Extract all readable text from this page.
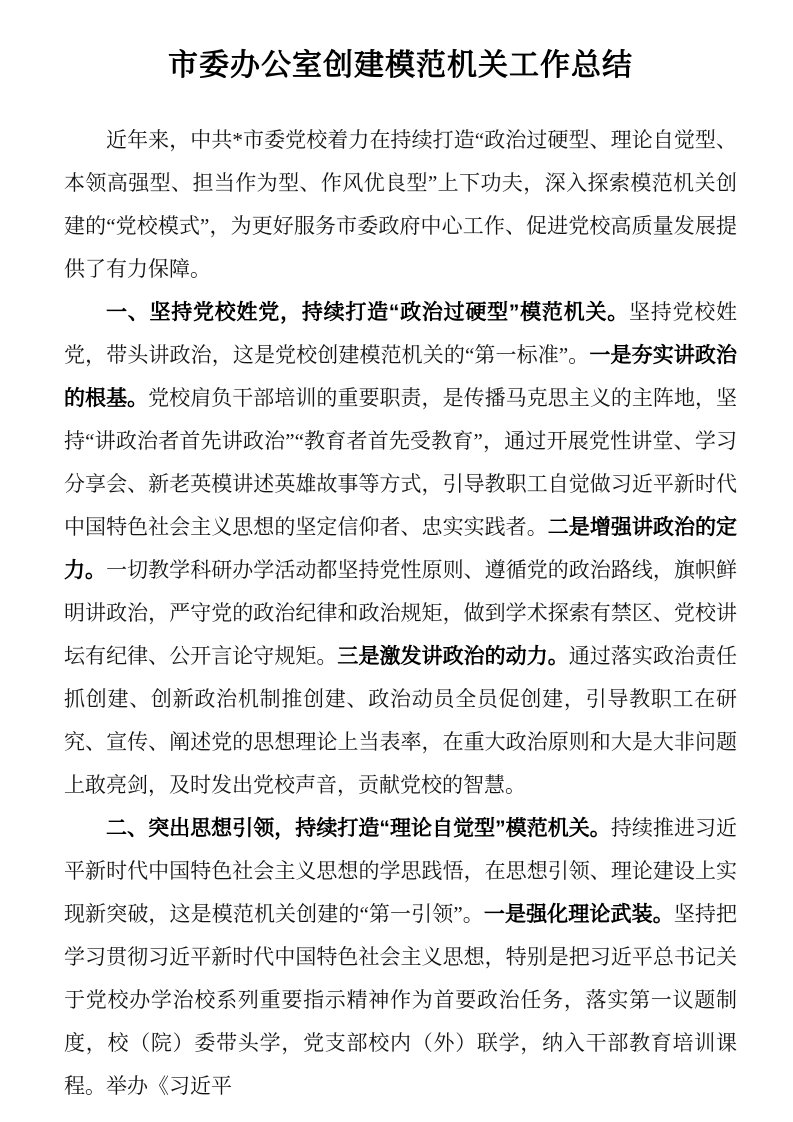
市委办公室创建模范机关工作总结

近年来，中共*市委党校着力在持续打造“政治过硬型、理论自觉型、本领高强型、担当作为型、作风优良型”上下功夫，深入探索模范机关创建的“党校模式”，为更好服务市委政府中心工作、促进党校高质量发展提供了有力保障。

一、坚持党校姓党，持续打造“政治过硬型”模范机关。坚持党校姓党，带头讲政治，这是党校创建模范机关的“第一标准”。一是夯实讲政治的根基。党校肩负干部培训的重要职责，是传播马克思主义的主阵地，坚持“讲政治者首先讲政治”“教育者首先受教育”，通过开展党性讲堂、学习分享会、新老英模讲述英雄故事等方式，引导教职工自觉做习近平新时代中国特色社会主义思想的坚定信仰者、忠实实践者。二是增强讲政治的定力。一切教学科研办学活动都坚持党性原则、遵循党的政治路线，旗帜鲜明讲政治，严守党的政治纪律和政治规矩，做到学术探索有禁区、党校讲坛有纪律、公开言论守规矩。三是激发讲政治的动力。通过落实政治责任抓创建、创新政治机制推创建、政治动员全员促创建，引导教职工在研究、宣传、阐述党的思想理论上当表率，在重大政治原则和大是大非问题上敢亮剑，及时发出党校声音，贡献党校的智慧。

二、突出思想引领，持续打造“理论自觉型”模范机关。持续推进习近平新时代中国特色社会主义思想的学思践悟，在思想引领、理论建设上实现新突破，这是模范机关创建的“第一引领”。一是强化理论武装。坚持把学习贯彻习近平新时代中国特色社会主义思想，特别是把习近平总书记关于党校办学治校系列重要指示精神作为首要政治任务，落实第一议题制度，校（院）委带头学，党支部校内（外）联学，纳入干部教育培训课程。举办《习近平
